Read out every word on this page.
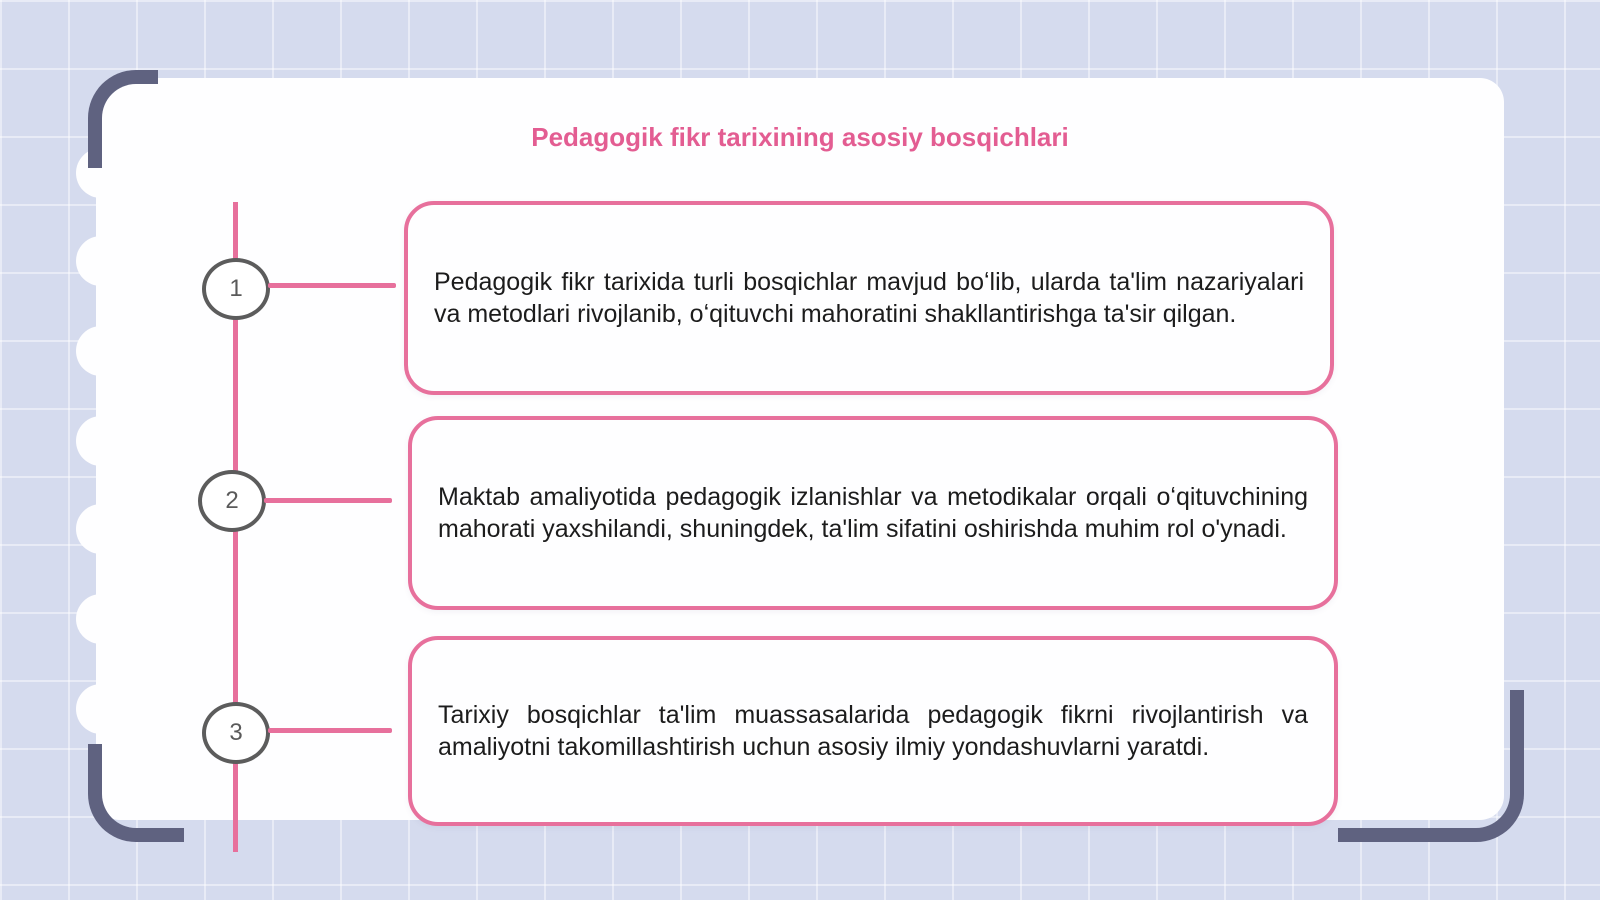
Pedagogik fikr tarixining asosiy bosqichlari
1	Pedagogik fikr tarixida turli bosqichlar mavjud boʻlib, ularda ta'lim nazariyalari va metodlari rivojlanib, oʻqituvchi mahoratini shakllantirishga ta'sir qilgan.

2	Maktab amaliyotida pedagogik izlanishlar va metodikalar orqali oʻqituvchining mahorati yaxshilandi, shuningdek, ta'lim sifatini oshirishda muhim rol o'ynadi.

3

Tarixiy bosqichlar ta'lim muassasalarida pedagogik fikrni rivojlantirish va amaliyotni takomillashtirish uchun asosiy ilmiy yondashuvlarni yaratdi.
